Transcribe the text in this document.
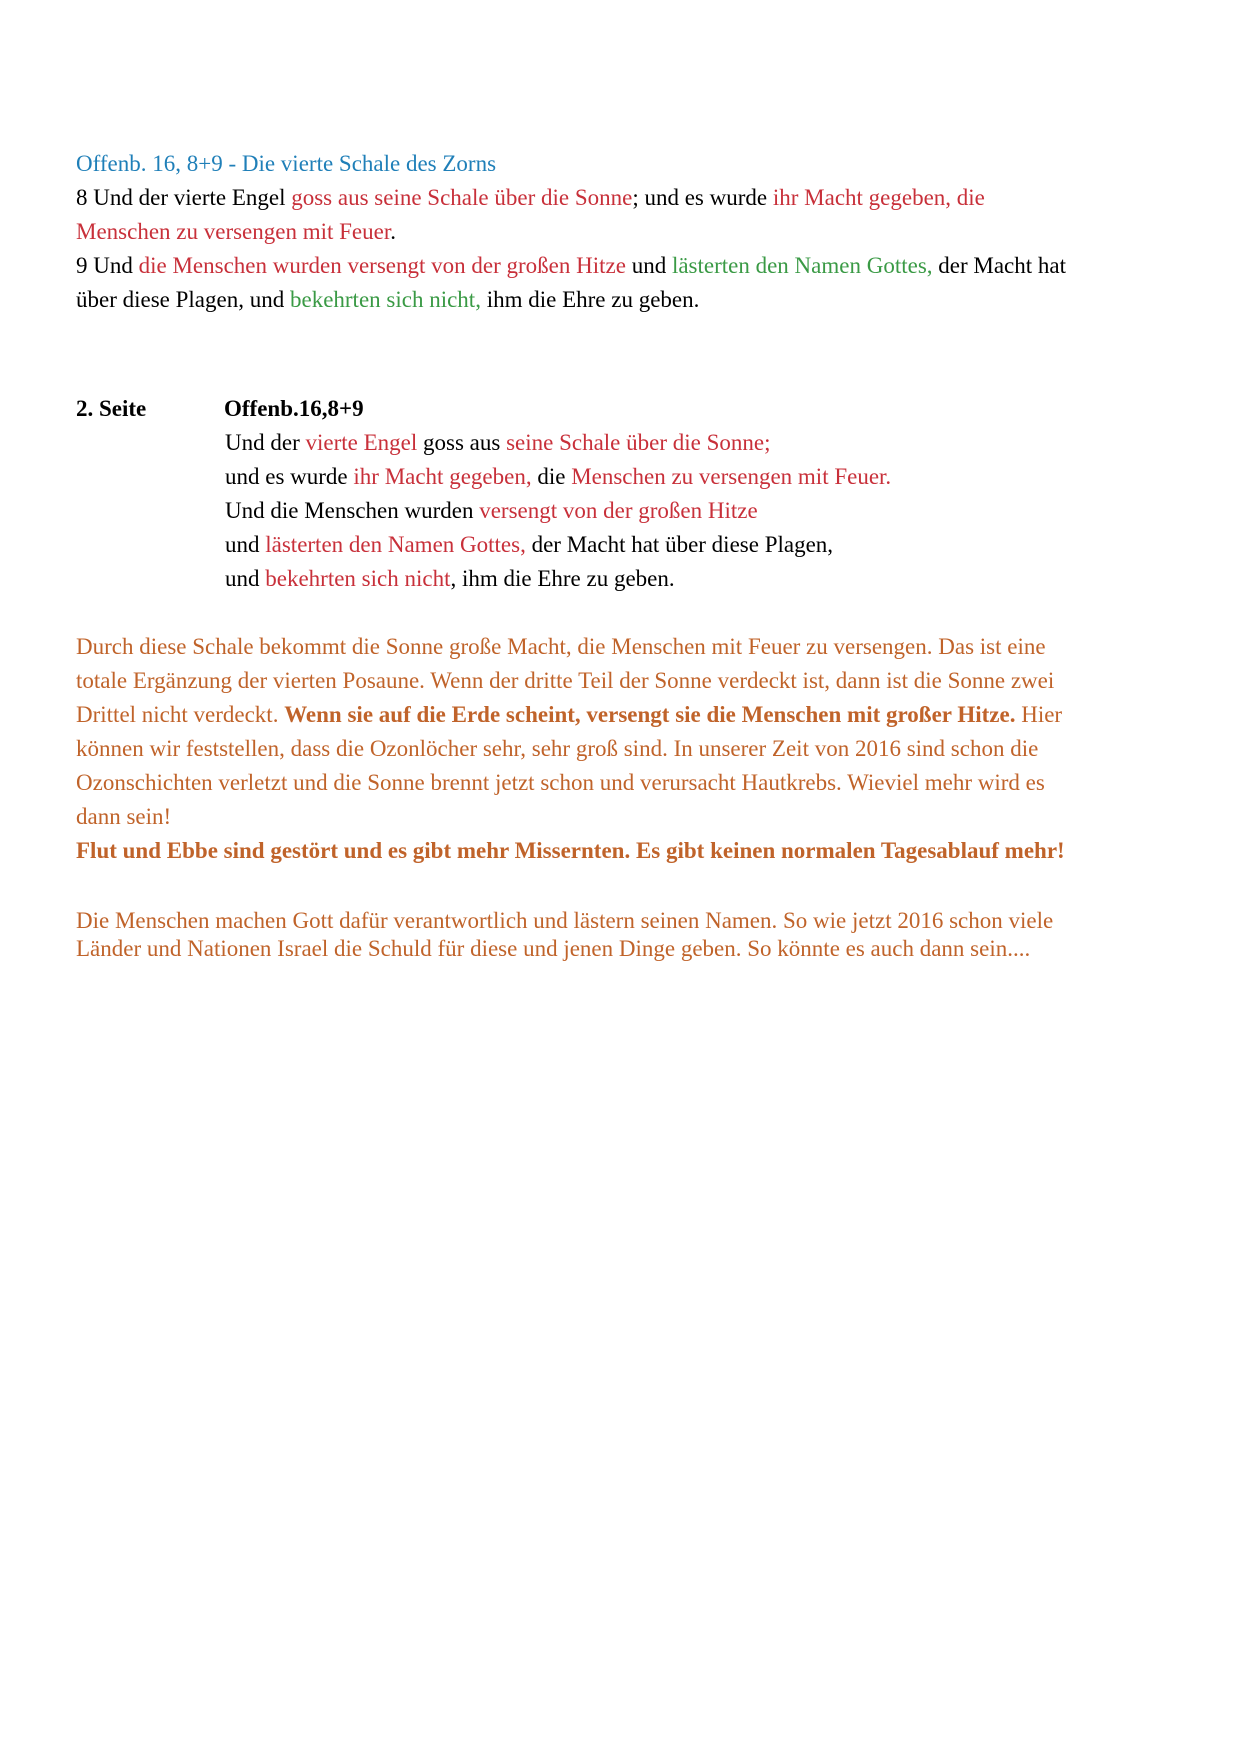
Offenb. 16, 8+9 - Die vierte Schale des Zorns
8 Und der vierte Engel goss aus seine Schale über die Sonne; und es wurde ihr Macht gegeben, die
Menschen zu versengen mit Feuer.
9 Und die Menschen wurden versengt von der großen Hitze und lästerten den Namen Gottes, der Macht hat
über diese Plagen, und bekehrten sich nicht, ihm die Ehre zu geben.
2. Seite	Offenb.16,8+9
Und der vierte Engel goss aus seine Schale über die Sonne;
und es wurde ihr Macht gegeben, die Menschen zu versengen mit Feuer.
Und die Menschen wurden versengt von der großen Hitze
und lästerten den Namen Gottes, der Macht hat über diese Plagen,
und bekehrten sich nicht, ihm die Ehre zu geben.
Durch diese Schale bekommt die Sonne große Macht, die Menschen mit Feuer zu versengen. Das ist eine
totale Ergänzung der vierten Posaune. Wenn der dritte Teil der Sonne verdeckt ist, dann ist die Sonne zwei
Drittel nicht verdeckt. Wenn sie auf die Erde scheint, versengt sie die Menschen mit großer Hitze. Hier
können wir feststellen, dass die Ozonlöcher sehr, sehr groß sind. In unserer Zeit von 2016 sind schon die
Ozonschichten verletzt und die Sonne brennt jetzt schon und verursacht Hautkrebs. Wieviel mehr wird es
dann sein!
Flut und Ebbe sind gestört und es gibt mehr Missernten. Es gibt keinen normalen Tagesablauf mehr!
Die Menschen machen Gott dafür verantwortlich und lästern seinen Namen. So wie jetzt 2016 schon viele
Länder und Nationen Israel die Schuld für diese und jenen Dinge geben. So könnte es auch dann sein....
